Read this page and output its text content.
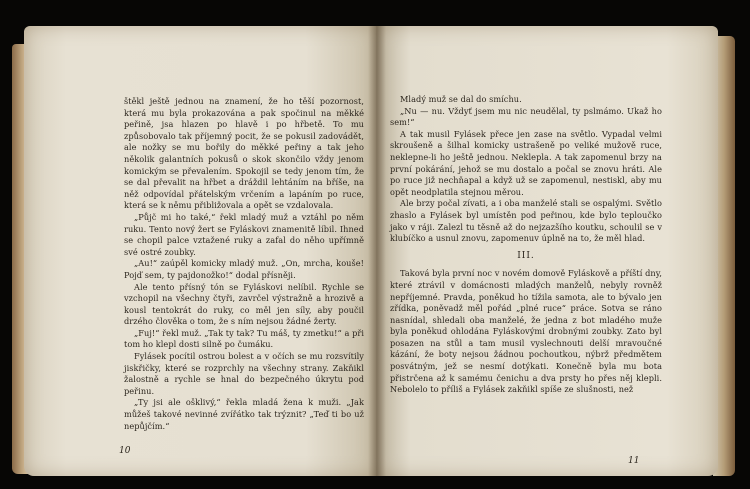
štěkl ještě jednou na znamení, že ho těší pozornost, která mu byla prokazována a pak spočinul na měkké peřině, jsa hlazen po hlavě i po hřbetě. To mu způsobovalo tak příjemný pocit, že se pokusil zadovádět, ale nožky se mu bořily do měkké peřiny a tak jeho několik galantních pokusů o skok skončilo vždy jenom komickým se převalením. Spokojil se tedy jenom tím, že se dal převalit na hřbet a dráždil lehtáním na bříše, na něž odpovídal přátelským vrčením a lapáním po ruce, která se k němu přibližovala a opět se vzdalovala.

„Půjč mi ho také,“ řekl mladý muž a vztáhl po něm ruku. Tento nový žert se Fyláskovi znamenitě líbil. Ihned se chopil palce vztažené ruky a zafal do něho upřímně své ostré zoubky.

„Au!“ zaúpěl komicky mladý muž. „On, mrcha, kouše! Pojď sem, ty pajdonožko!“ dodal přísněji.

Ale tento přísný tón se Fyláskovi nelíbil. Rychle se vzchopil na všechny čtyři, zavrčel výstražně a hrozivě a kousl tentokrát do ruky, co měl jen síly, aby poučil drzého člověka o tom, že s ním nejsou žádné žerty.

„Fuj!“ řekl muž. „Tak ty tak? Tu máš, ty zmetku!“ a při tom ho klepl dosti silně po čumáku.

Fylásek pocítil ostrou bolest a v očích se mu rozsvítily jiskřičky, které se rozprchly na všechny strany. Zakňikl žalostně a rychle se hnal do bezpečného úkrytu pod peřinu.

„Ty jsi ale ošklivý,“ řekla mladá žena k muži. „Jak můžeš takové nevinné zvířátko tak trýznit? „Teď ti bo už nepůjčím.“

10

Mladý muž se dal do smíchu.

„Nu — nu. Vždyť jsem mu nic neudělal, ty pslmámo. Ukaž ho sem!“

A tak musil Fylásek přece jen zase na světlo. Vypadal velmi skroušeně a šilhal komicky ustrašeně po veliké mužově ruce, neklepne-li ho ještě jednou. Neklepla. A tak zapomenul brzy na první pokárání, jehož se mu dostalo a počal se znovu hráti. Ale po ruce již nechňapal a když už se zapomenul, nestiskl, aby mu opět neodplatila stejnou měrou.

Ale brzy počal zívati, a i oba manželé stali se ospalými. Světlo zhaslo a Fylásek byl umístěn pod peřinou, kde bylo teploučko jako v ráji. Zalezl tu těsně až do nejzazšího koutku, schoulil se v klubíčko a usnul znovu, zapomenuv úplně na to, že měl hlad.

III.

Taková byla první noc v novém domově Fyláskově a příští dny, které ztrávil v domácnosti mladých manželů, nebyly rovněž nepříjemné. Pravda, poněkud ho tížila samota, ale to bývalo jen zřídka, poněvadž měl pořád „plné ruce“ práce. Sotva se ráno nasnídal, shledali oba manželé, že jedna z bot mladého muže byla poněkud ohlodána Fyláskovými drobnými zoubky. Zato byl posazen na stůl a tam musil vyslechnouti delší mravoučné kázání, že boty nejsou žádnou pochoutkou, nýbrž předmětem posvátným, jež se nesmí dotýkati. Konečně byla mu bota přistrčena až k samému čenichu a dva prsty ho přes něj klepli. Nebolelo to příliš a Fylásek zakňikl spíše ze slušnosti, než

11
